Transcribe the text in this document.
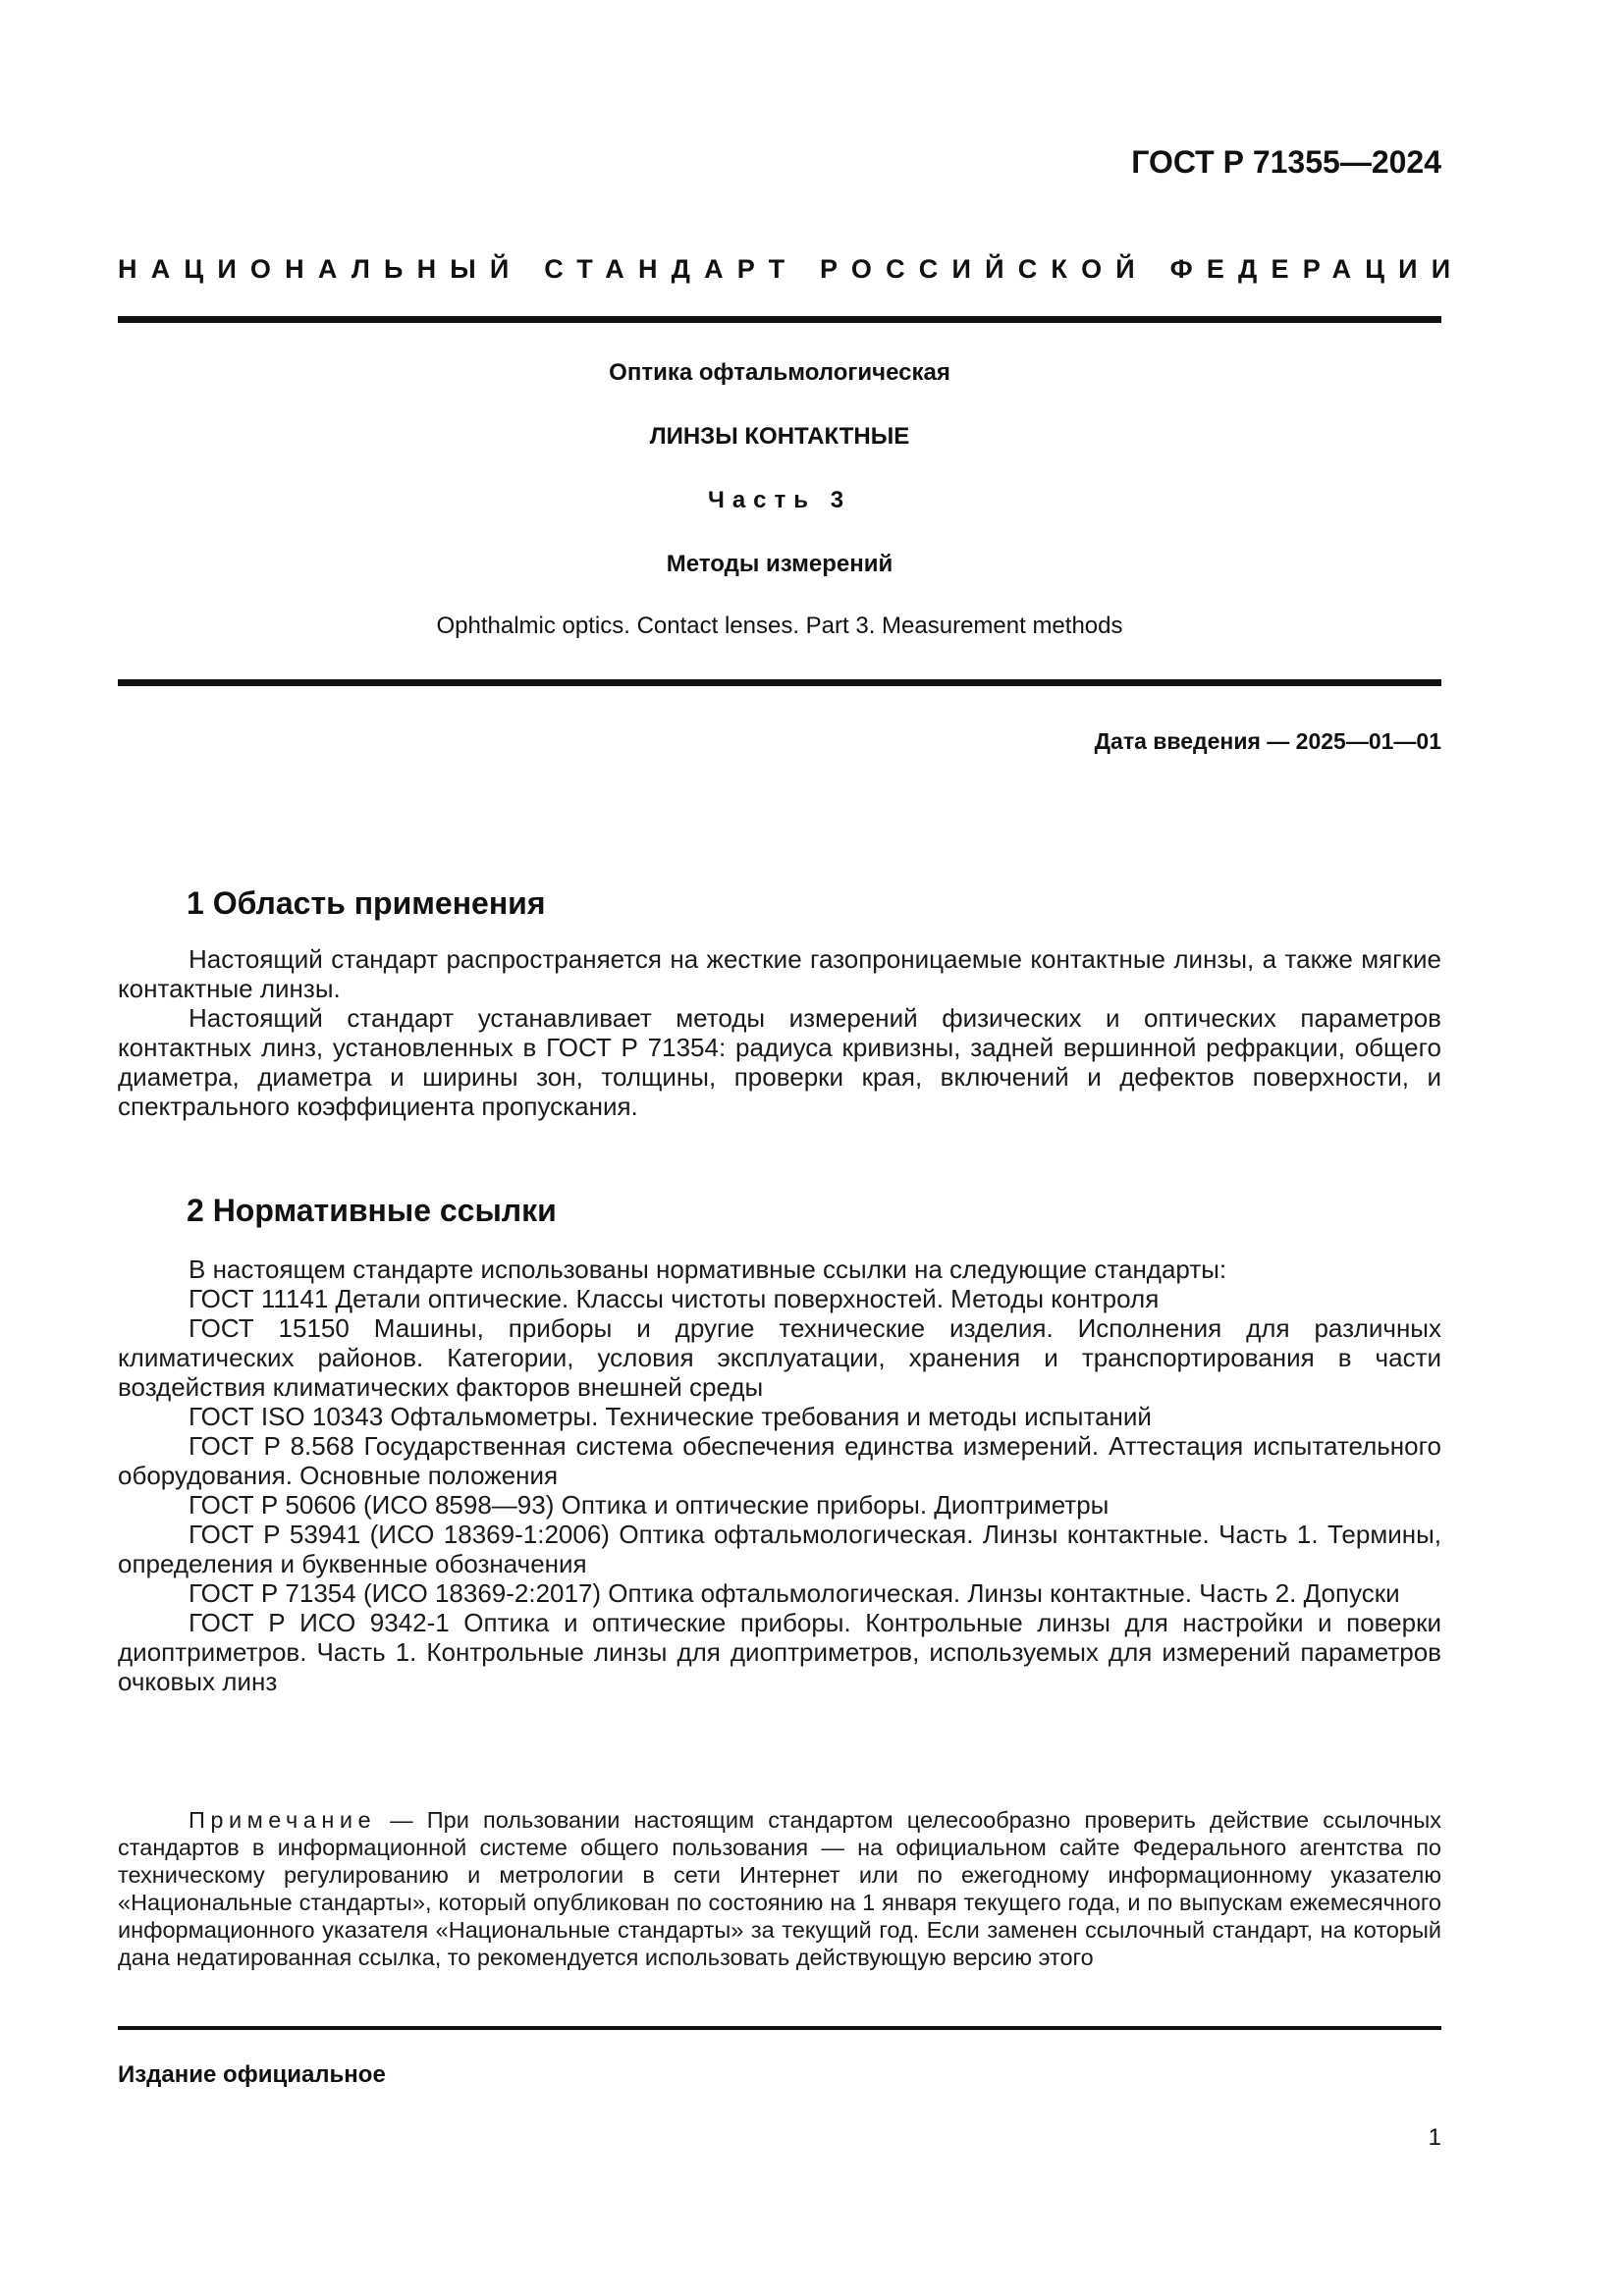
ГОСТ Р 71355—2024
НАЦИОНАЛЬНЫЙ СТАНДАРТ РОССИЙСКОЙ ФЕДЕРАЦИИ
Оптика офтальмологическая
ЛИНЗЫ КОНТАКТНЫЕ
Часть 3
Методы измерений
Ophthalmic optics. Contact lenses. Part 3. Measurement methods
Дата введения — 2025—01—01
1 Область применения
Настоящий стандарт распространяется на жесткие газопроницаемые контактные линзы, а также мягкие контактные линзы.
Настоящий стандарт устанавливает методы измерений физических и оптических параметров контактных линз, установленных в ГОСТ Р 71354: радиуса кривизны, задней вершинной рефракции, общего диаметра, диаметра и ширины зон, толщины, проверки края, включений и дефектов поверхности, и спектрального коэффициента пропускания.
2 Нормативные ссылки
В настоящем стандарте использованы нормативные ссылки на следующие стандарты:
ГОСТ 11141 Детали оптические. Классы чистоты поверхностей. Методы контроля
ГОСТ 15150 Машины, приборы и другие технические изделия. Исполнения для различных климатических районов. Категории, условия эксплуатации, хранения и транспортирования в части воздействия климатических факторов внешней среды
ГОСТ ISO 10343 Офтальмометры. Технические требования и методы испытаний
ГОСТ Р 8.568 Государственная система обеспечения единства измерений. Аттестация испытательного оборудования. Основные положения
ГОСТ Р 50606 (ИСО 8598—93) Оптика и оптические приборы. Диоптриметры
ГОСТ Р 53941 (ИСО 18369-1:2006) Оптика офтальмологическая. Линзы контактные. Часть 1. Термины, определения и буквенные обозначения
ГОСТ Р 71354 (ИСО 18369-2:2017) Оптика офтальмологическая. Линзы контактные. Часть 2. Допуски
ГОСТ Р ИСО 9342-1 Оптика и оптические приборы. Контрольные линзы для настройки и поверки диоптриметров. Часть 1. Контрольные линзы для диоптриметров, используемых для измерений параметров очковых линз
Примечание — При пользовании настоящим стандартом целесообразно проверить действие ссылочных стандартов в информационной системе общего пользования — на официальном сайте Федерального агентства по техническому регулированию и метрологии в сети Интернет или по ежегодному информационному указателю «Национальные стандарты», который опубликован по состоянию на 1 января текущего года, и по выпускам ежемесячного информационного указателя «Национальные стандарты» за текущий год. Если заменен ссылочный стандарт, на который дана недатированная ссылка, то рекомендуется использовать действующую версию этого
Издание официальное
1
